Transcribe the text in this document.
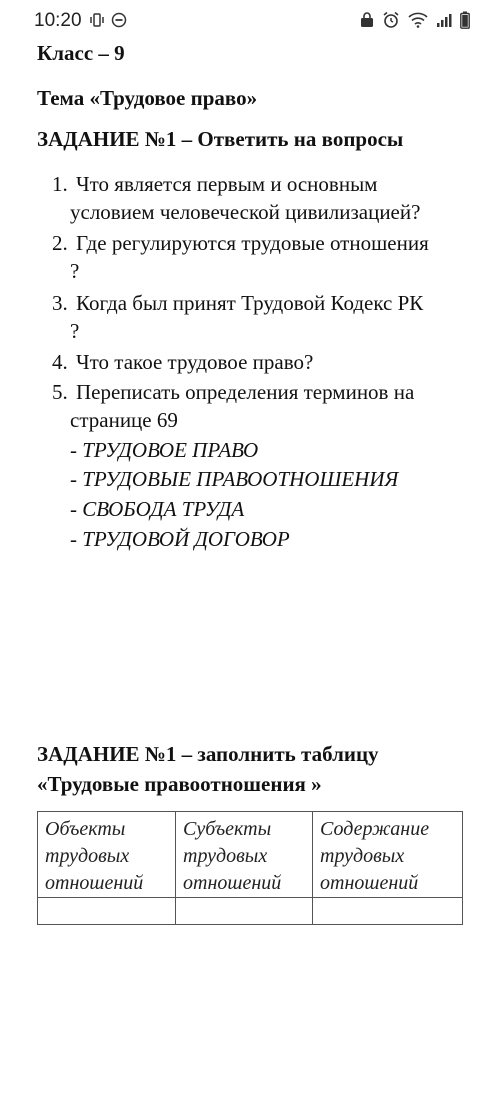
10:20
Класс – 9
Тема «Трудовое право»
ЗАДАНИЕ №1 – Ответить на вопросы
1. Что является первым и основным
условием человеческой цивилизацией?
2. Где регулируются трудовые отношения
?
3. Когда был принят Трудовой Кодекс РК
?
4. Что такое трудовое право?
5. Переписать определения терминов на
странице 69
- ТРУДОВОЕ ПРАВО
- ТРУДОВЫЕ ПРАВООТНОШЕНИЯ
- СВОБОДА ТРУДА
- ТРУДОВОЙ ДОГОВОР
ЗАДАНИЕ №1 – заполнить таблицу
«Трудовые правоотношения »
Объекты
трудовых
отношений
Субъекты
трудовых
отношений
Содержание
трудовых
отношений
